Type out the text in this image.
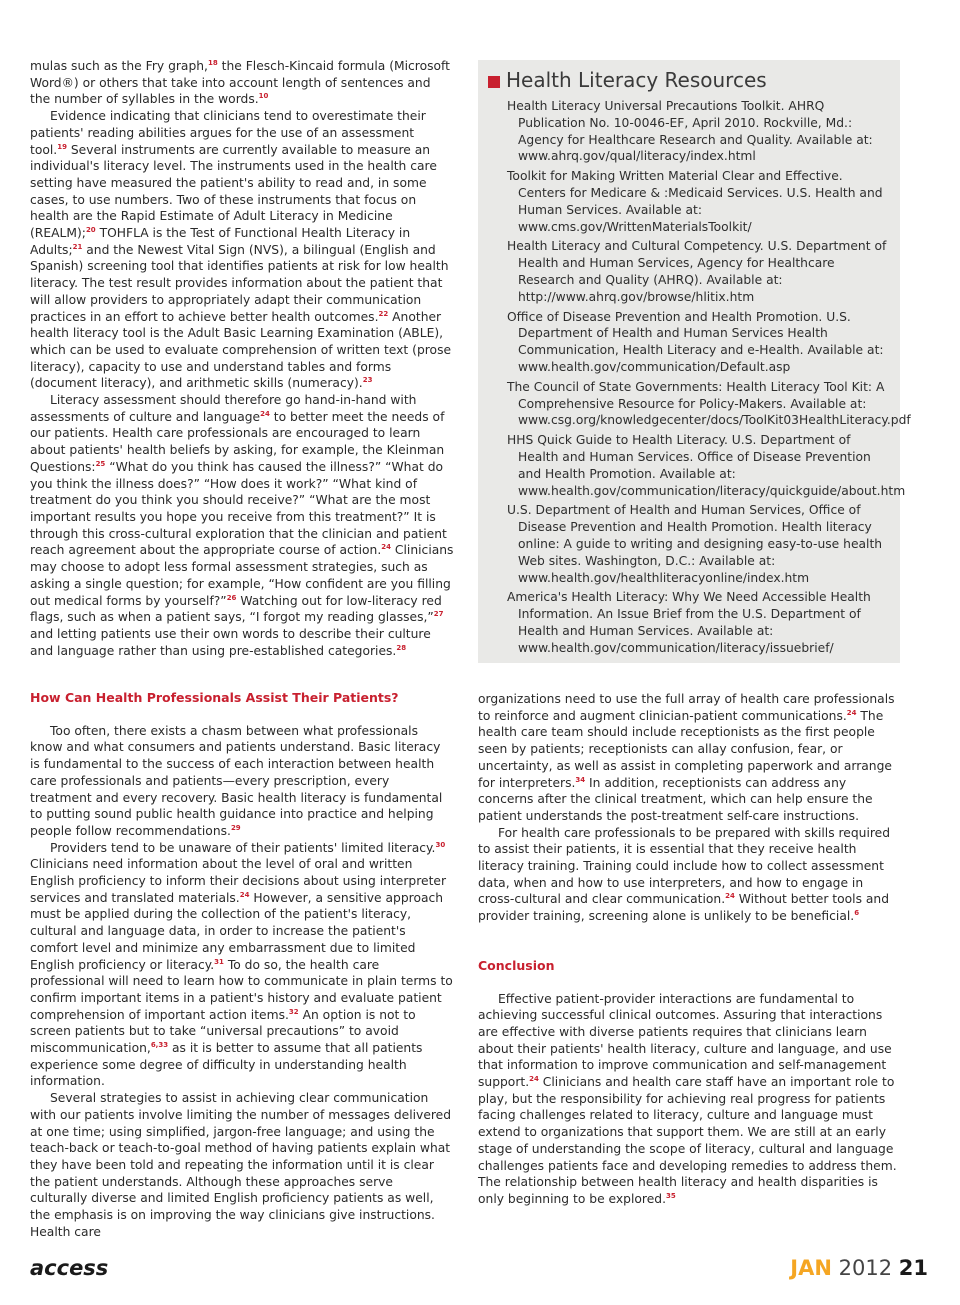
mulas such as the Fry graph,$^{18}$ the Flesch-Kincaid formula (Microsoft Word®) or others that take into account length of sentences and the number of syllables in the words.$^{10}$

Evidence indicating that clinicians tend to overestimate their patients' reading abilities argues for the use of an assessment tool.$^{19}$ Several instruments are currently available to measure an individual's literacy level. The instruments used in the health care setting have measured the patient's ability to read and, in some cases, to use numbers. Two of these instruments that focus on health are the Rapid Estimate of Adult Literacy in Medicine (REALM);$^{20}$ TOHFLA is the Test of Functional Health Literacy in Adults;$^{21}$ and the Newest Vital Sign (NVS), a bilingual (English and Spanish) screening tool that identifies patients at risk for low health literacy. The test result provides information about the patient that will allow providers to appropriately adapt their communication practices in an effort to achieve better health outcomes.$^{22}$ Another health literacy tool is the Adult Basic Learning Examination (ABLE), which can be used to evaluate comprehension of written text (prose literacy), capacity to use and understand tables and forms (document literacy), and arithmetic skills (numeracy).$^{23}$

Literacy assessment should therefore go hand-in-hand with assessments of culture and language$^{24}$ to better meet the needs of our patients. Health care professionals are encouraged to learn about patients' health beliefs by asking, for example, the Kleinman Questions:$^{25}$ “What do you think has caused the illness?” “What do you think the illness does?” “How does it work?” “What kind of treatment do you think you should receive?” “What are the most important results you hope you receive from this treatment?” It is through this cross-cultural exploration that the clinician and patient reach agreement about the appropriate course of action.$^{24}$ Clinicians may choose to adopt less formal assessment strategies, such as asking a single question; for example, “How confident are you filling out medical forms by yourself?”$^{26}$ Watching out for low-literacy red flags, such as when a patient says, “I forgot my reading glasses,”$^{27}$ and letting patients use their own words to describe their culture and language rather than using pre-established categories.$^{28}$

Health Literacy Resources

Health Literacy Universal Precautions Toolkit. AHRQ Publication No. 10-0046-EF, April 2010. Rockville, Md.: Agency for Healthcare Research and Quality. Available at: www.ahrq.gov/qual/literacy/index.html

Toolkit for Making Written Material Clear and Effective. Centers for Medicare & :Medicaid Services. U.S. Health and Human Services. Available at: www.cms.gov/WrittenMaterialsToolkit/

Health Literacy and Cultural Competency. U.S. Department of Health and Human Services, Agency for Healthcare Research and Quality (AHRQ). Available at: http://www.ahrq.gov/browse/hlitix.htm

Office of Disease Prevention and Health Promotion. U.S. Department of Health and Human Services Health Communication, Health Literacy and e-Health. Available at: www.health.gov/communication/Default.asp

The Council of State Governments: Health Literacy Tool Kit: A Comprehensive Resource for Policy-Makers. Available at: www.csg.org/knowledgecenter/docs/ToolKit03HealthLiteracy.pdf

HHS Quick Guide to Health Literacy. U.S. Department of Health and Human Services. Office of Disease Prevention and Health Promotion. Available at: www.health.gov/communication/literacy/quickguide/about.htm

U.S. Department of Health and Human Services, Office of Disease Prevention and Health Promotion. Health literacy online: A guide to writing and designing easy-to-use health Web sites. Washington, D.C.: Available at: www.health.gov/healthliteracyonline/index.htm

America's Health Literacy: Why We Need Accessible Health Information. An Issue Brief from the U.S. Department of Health and Human Services. Available at: www.health.gov/communication/literacy/issuebrief/

How Can Health Professionals Assist Their Patients?

Too often, there exists a chasm between what professionals know and what consumers and patients understand. Basic literacy is fundamental to the success of each interaction between health care professionals and patients—every prescription, every treatment and every recovery. Basic health literacy is fundamental to putting sound public health guidance into practice and helping people follow recommendations.$^{29}$

Providers tend to be unaware of their patients' limited literacy.$^{30}$ Clinicians need information about the level of oral and written English proficiency to inform their decisions about using interpreter services and translated materials.$^{24}$ However, a sensitive approach must be applied during the collection of the patient's literacy, cultural and language data, in order to increase the patient's comfort level and minimize any embarrassment due to limited English proficiency or literacy.$^{31}$ To do so, the health care professional will need to learn how to communicate in plain terms to confirm important items in a patient's history and evaluate patient comprehension of important action items.$^{32}$ An option is not to screen patients but to take “universal precautions” to avoid miscommunication,$^{6,33}$ as it is better to assume that all patients experience some degree of difficulty in understanding health information.

Several strategies to assist in achieving clear communication with our patients involve limiting the number of messages delivered at one time; using simplified, jargon-free language; and using the teach-back or teach-to-goal method of having patients explain what they have been told and repeating the information until it is clear the patient understands. Although these approaches serve culturally diverse and limited English proficiency patients as well, the emphasis is on improving the way clinicians give instructions. Health care

organizations need to use the full array of health care professionals to reinforce and augment clinician-patient communications.$^{24}$ The health care team should include receptionists as the first people seen by patients; receptionists can allay confusion, fear, or uncertainty, as well as assist in completing paperwork and arrange for interpreters.$^{34}$ In addition, receptionists can address any concerns after the clinical treatment, which can help ensure the patient understands the post-treatment self-care instructions.

For health care professionals to be prepared with skills required to assist their patients, it is essential that they receive health literacy training. Training could include how to collect assessment data, when and how to use interpreters, and how to engage in cross-cultural and clear communication.$^{24}$ Without better tools and provider training, screening alone is unlikely to be beneficial.$^6$

Conclusion

Effective patient-provider interactions are fundamental to achieving successful clinical outcomes. Assuring that interactions are effective with diverse patients requires that clinicians learn about their patients' health literacy, culture and language, and use that information to improve communication and self-management support.$^{24}$ Clinicians and health care staff have an important role to play, but the responsibility for achieving real progress for patients facing challenges related to literacy, culture and language must extend to organizations that support them. We are still at an early stage of understanding the scope of literacy, cultural and language challenges patients face and developing remedies to address them. The relationship between health literacy and health disparities is only beginning to be explored.$^{35}$

access	JAN 2012 21
